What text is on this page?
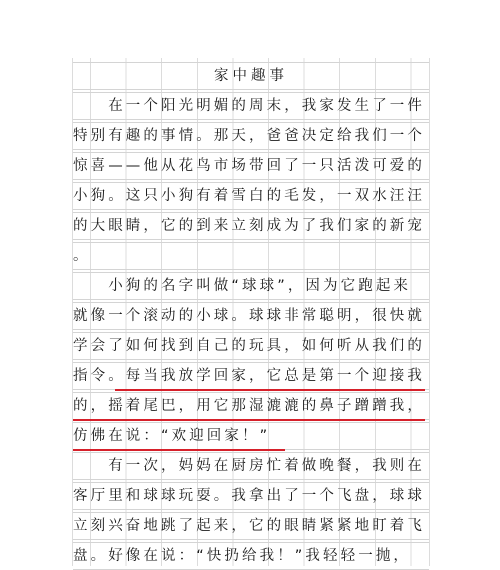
家中趣事
　　在一个阳光明媚的周末，我家发生了一件
特别有趣的事情。那天，爸爸决定给我们一个
惊喜——他从花鸟市场带回了一只活泼可爱的
小狗。这只小狗有着雪白的毛发，一双水汪汪
的大眼睛，它的到来立刻成为了我们家的新宠
。
　　小狗的名字叫做“球球”，因为它跑起来
就像一个滚动的小球。球球非常聪明，很快就
学会了如何找到自己的玩具，如何听从我们的
指令。每当我放学回家，它总是第一个迎接我
的，摇着尾巴，用它那湿漉漉的鼻子蹭蹭我，
仿佛在说：“欢迎回家！”
　　有一次，妈妈在厨房忙着做晚餐，我则在
客厅里和球球玩耍。我拿出了一个飞盘，球球
立刻兴奋地跳了起来，它的眼睛紧紧地盯着飞
盘。好像在说：“快扔给我！”我轻轻一抛，
